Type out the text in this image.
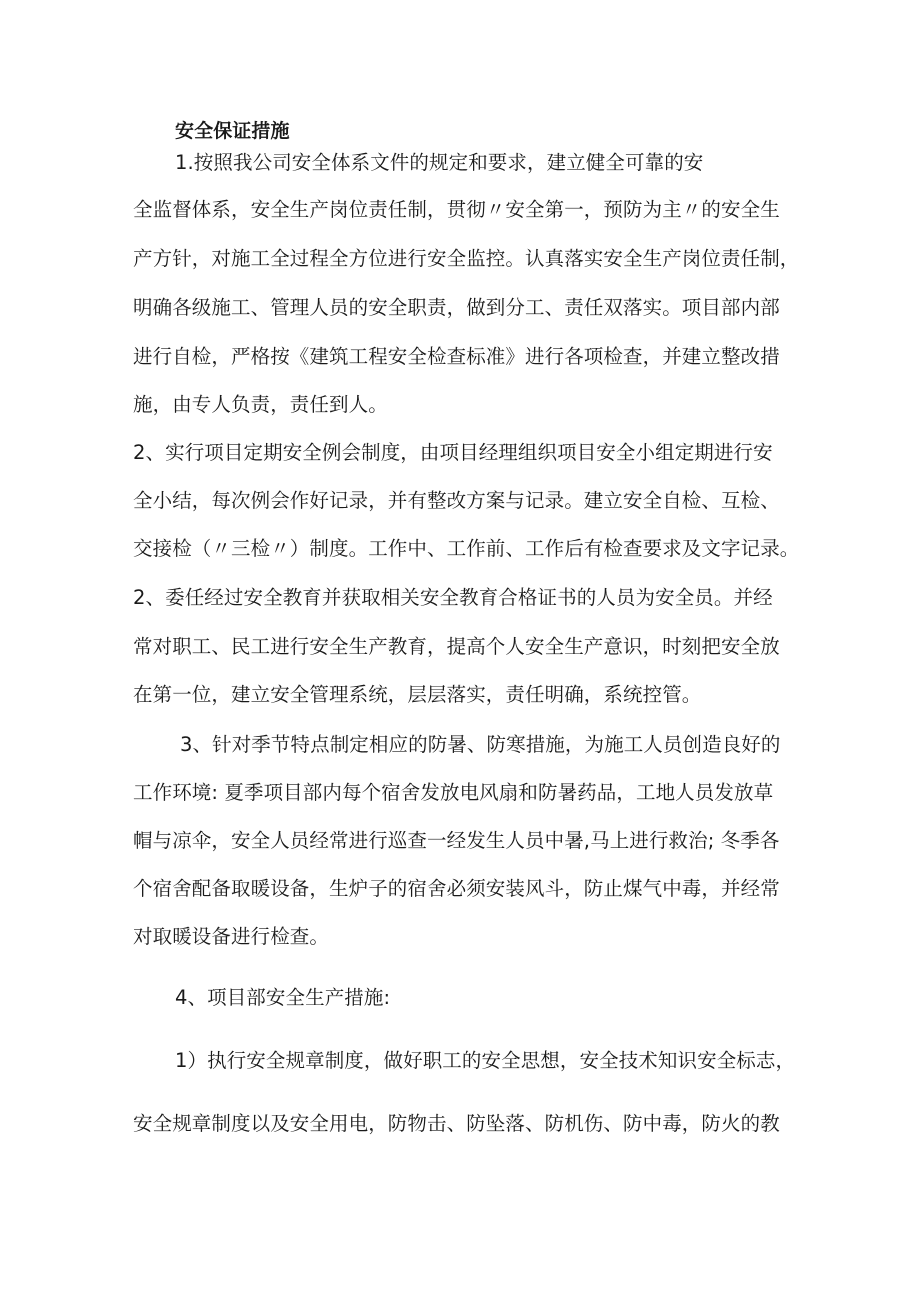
安全保证措施
1.按照我公司安全体系文件的规定和要求，建立健全可靠的安
全监督体系，安全生产岗位责任制，贯彻〃安全第一，预防为主〃的安全生
产方针，对施工全过程全方位进行安全监控。认真落实安全生产岗位责任制，
明确各级施工、管理人员的安全职责，做到分工、责任双落实。项目部内部
进行自检，严格按《建筑工程安全检查标准》进行各项检查，并建立整改措
施，由专人负责，责任到人。
2、实行项目定期安全例会制度，由项目经理组织项目安全小组定期进行安
全小结，每次例会作好记录，并有整改方案与记录。建立安全自检、互检、
交接检（〃三检〃）制度。工作中、工作前、工作后有检查要求及文字记录。
2、委任经过安全教育并获取相关安全教育合格证书的人员为安全员。并经
常对职工、民工进行安全生产教育，提高个人安全生产意识，时刻把安全放
在第一位，建立安全管理系统，层层落实，责任明确，系统控管。
3、针对季节特点制定相应的防暑、防寒措施，为施工人员创造良好的
工作环境: 夏季项目部内每个宿舍发放电风扇和防暑药品，工地人员发放草
帽与凉伞，安全人员经常进行巡查一经发生人员中暑,马上进行救治; 冬季各
个宿舍配备取暖设备，生炉子的宿舍必须安装风斗，防止煤气中毒，并经常
对取暖设备进行检查。
4、项目部安全生产措施:
1）执行安全规章制度，做好职工的安全思想，安全技术知识安全标志，
安全规章制度以及安全用电，防物击、防坠落、防机伤、防中毒，防火的教
